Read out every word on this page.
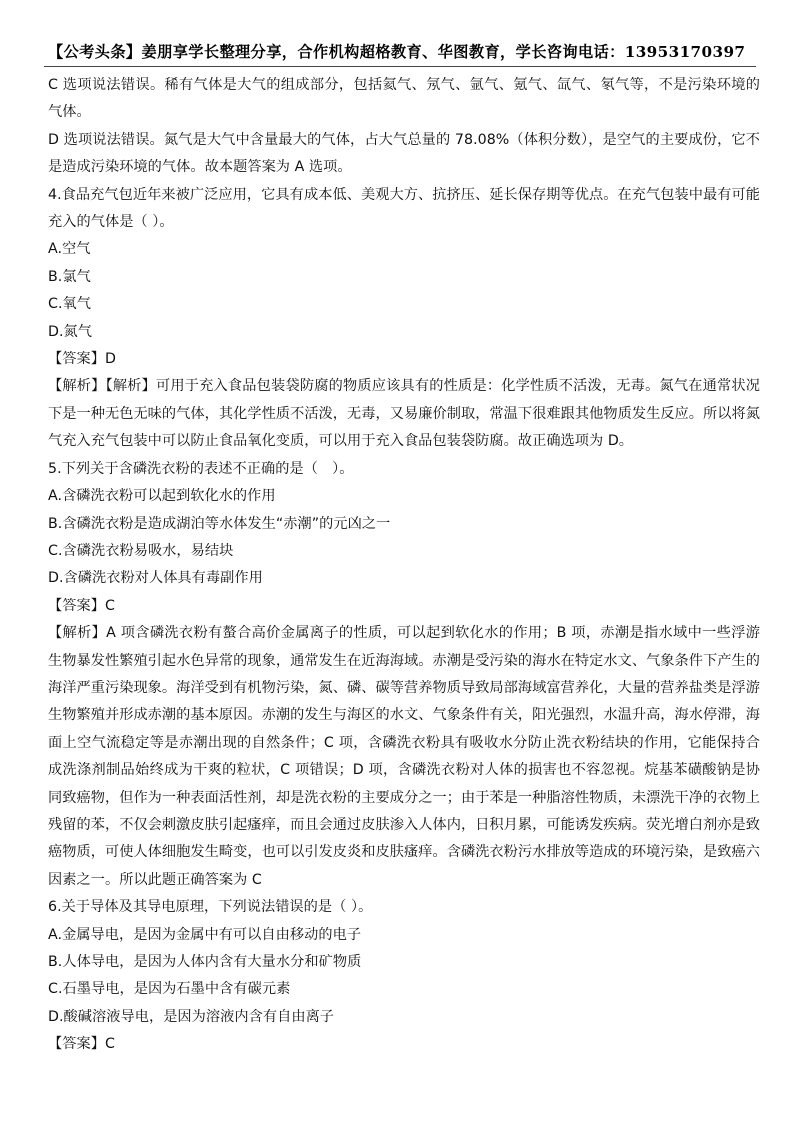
【公考头条】姜朋享学长整理分享，合作机构超格教育、华图教育，学长咨询电话：13953170397

C 选项说法错误。稀有气体是大气的组成部分，包括氦气、氖气、氩气、氪气、氙气、氡气等，不是污染环境的气体。

D 选项说法错误。氮气是大气中含量最大的气体，占大气总量的 78.08%（体积分数），是空气的主要成份，它不是造成污染环境的气体。故本题答案为 A 选项。

4.食品充气包近年来被广泛应用，它具有成本低、美观大方、抗挤压、延长保存期等优点。在充气包装中最有可能充入的气体是（ ）。

A.空气

B.氯气

C.氧气

D.氮气

【答案】D

【解析】【解析】可用于充入食品包装袋防腐的物质应该具有的性质是：化学性质不活泼，无毒。氮气在通常状况下是一种无色无味的气体，其化学性质不活泼，无毒，又易廉价制取，常温下很难跟其他物质发生反应。所以将氮气充入充气包装中可以防止食品氧化变质，可以用于充入食品包装袋防腐。故正确选项为 D。

5.下列关于含磷洗衣粉的表述不正确的是（　）。

A.含磷洗衣粉可以起到软化水的作用

B.含磷洗衣粉是造成湖泊等水体发生“赤潮”的元凶之一

C.含磷洗衣粉易吸水，易结块

D.含磷洗衣粉对人体具有毒副作用

【答案】C

【解析】A 项含磷洗衣粉有螯合高价金属离子的性质，可以起到软化水的作用；B 项，赤潮是指水域中一些浮游生物暴发性繁殖引起水色异常的现象，通常发生在近海海域。赤潮是受污染的海水在特定水文、气象条件下产生的海洋严重污染现象。海洋受到有机物污染，氮、磷、碳等营养物质导致局部海域富营养化，大量的营养盐类是浮游生物繁殖并形成赤潮的基本原因。赤潮的发生与海区的水文、气象条件有关，阳光强烈，水温升高，海水停滞，海面上空气流稳定等是赤潮出现的自然条件；C 项，含磷洗衣粉具有吸收水分防止洗衣粉结块的作用，它能保持合成洗涤剂制品始终成为干爽的粒状，C 项错误；D 项，含磷洗衣粉对人体的损害也不容忽视。烷基苯磺酸钠是协同致癌物，但作为一种表面活性剂，却是洗衣粉的主要成分之一；由于苯是一种脂溶性物质，未漂洗干净的衣物上残留的苯，不仅会刺激皮肤引起瘙痒，而且会通过皮肤渗入人体内，日积月累，可能诱发疾病。荧光增白剂亦是致癌物质，可使人体细胞发生畸变，也可以引发皮炎和皮肤瘙痒。含磷洗衣粉污水排放等造成的环境污染，是致癌六因素之一。所以此题正确答案为 C

6.关于导体及其导电原理，下列说法错误的是（ ）。

A.金属导电，是因为金属中有可以自由移动的电子

B.人体导电，是因为人体内含有大量水分和矿物质

C.石墨导电，是因为石墨中含有碳元素

D.酸碱溶液导电，是因为溶液内含有自由离子

【答案】C
